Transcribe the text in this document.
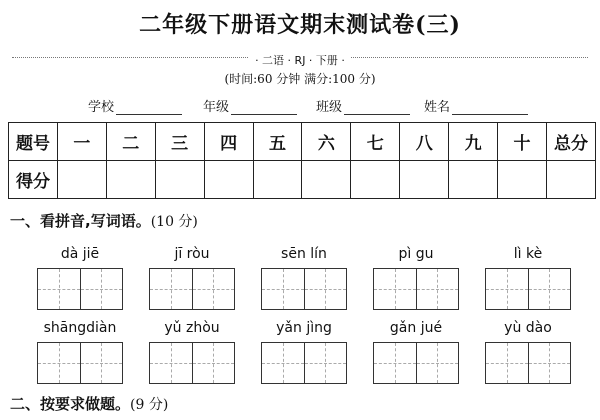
二年级下册语文期末测试卷(三)
· 二语 · RJ · 下册 ·
(时间:60 分钟 满分:100 分)
学校	年级	班级	姓名
题号	一	二	三	四	五	六	七	八	九	十	总分
得分											
一、看拼音,写词语。(10 分)
dà jiē	jī ròu	sēn lín	pì gu	lì kè
shāngdiàn	yǔ zhòu	yǎn jìng	gǎn jué	yù dào
二、按要求做题。(9 分)
